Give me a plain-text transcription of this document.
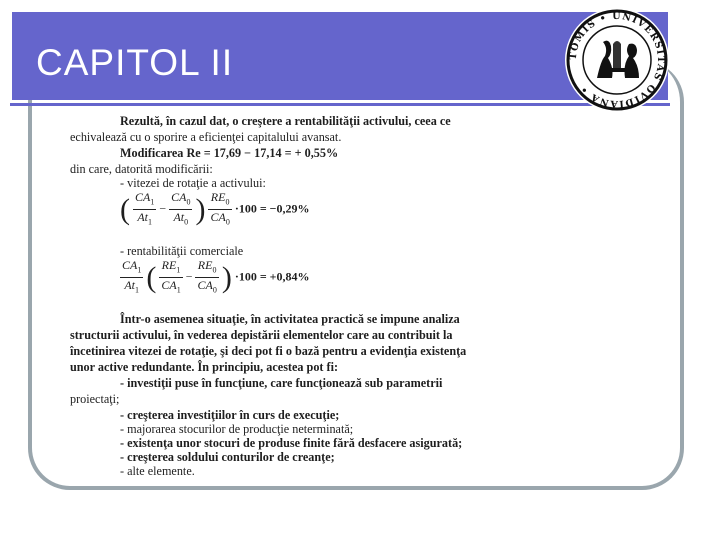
CAPITOL II	TOMIS • UNIVERSITAS OVIDIANA •
Rezultă, în cazul dat, o creştere a rentabilităţii activului, ceea ce
echivalează cu o sporire a eficienţei capitalului avansat.
Modificarea Re = 17,69 − 17,14 = + 0,55%
din care, datorită modificării:
- vitezei de rotaţie a activului:
( $\frac{CA_1}{At_1} - \frac{CA_0}{At_0}$ ) $\frac{RE_0}{CA_0} \cdot 100 = -0,29\%$
- rentabilităţii comerciale
$\frac{CA_1}{At_1}$ ( $\frac{RE_1}{CA_1} - \frac{RE_0}{CA_0}$ ) ·100 = +0,84%
Într-o asemenea situaţie, în activitatea practică se impune analiza
structurii activului, în vederea depistării elementelor care au contribuit la
încetinirea vitezei de rotaţie, şi deci pot fi o bază pentru a evidenţia existenţa
unor active redundante. În principiu, acestea pot fi:
- investiţii puse în funcţiune, care funcţionează sub parametrii
proiectaţi;
- creşterea investiţiilor în curs de execuţie;
- majorarea stocurilor de producţie neterminată;
- existenţa unor stocuri de produse finite fără desfacere asigurată;
- creşterea soldului conturilor de creanţe;
- alte elemente.
